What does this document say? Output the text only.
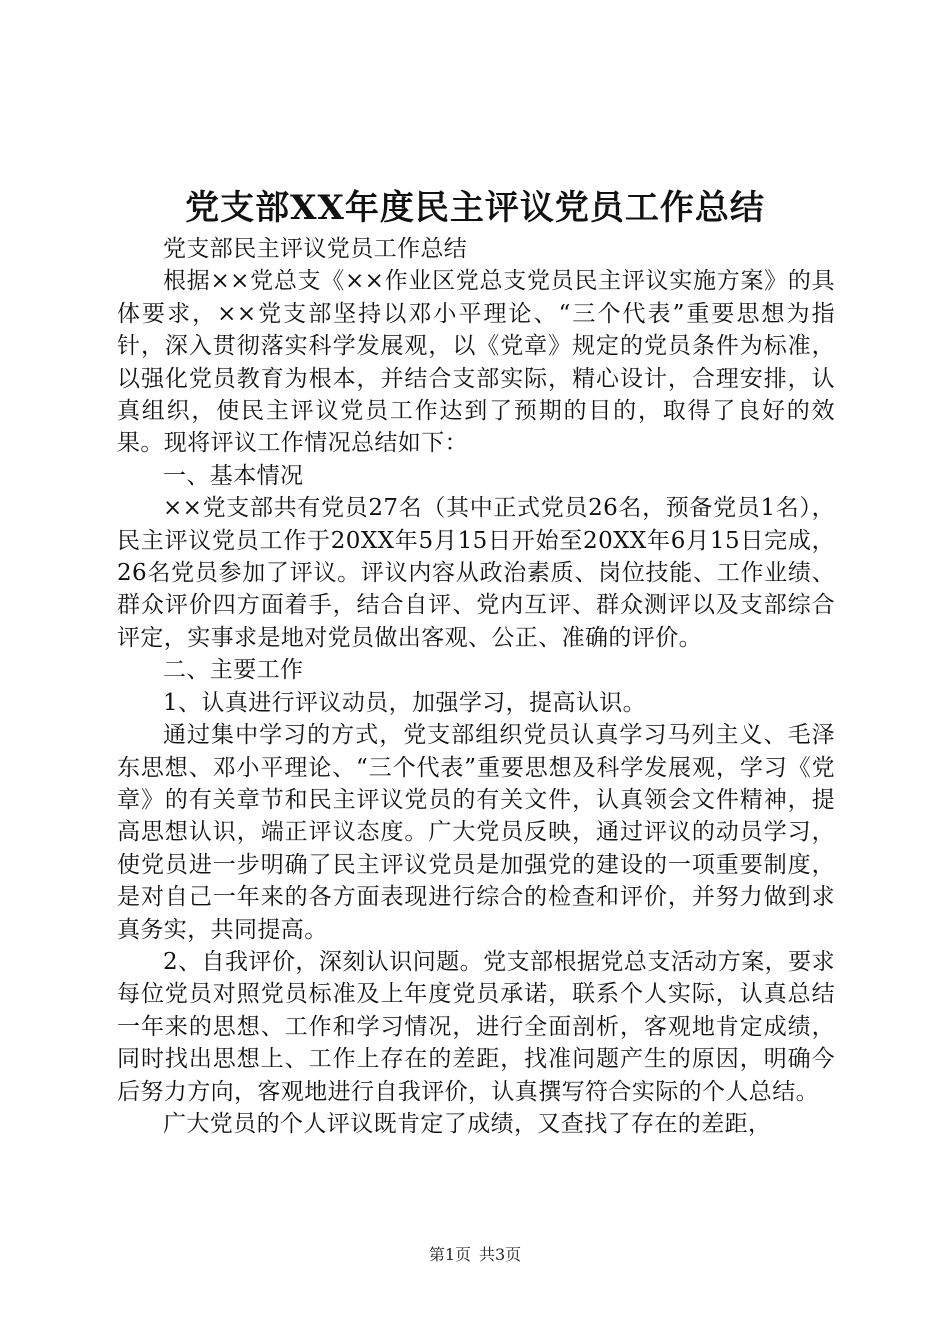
党支部XX年度民主评议党员工作总结

党支部民主评议党员工作总结

根据××党总支《××作业区党总支党员民主评议实施方案》的具体要求，××党支部坚持以邓小平理论、“三个代表”重要思想为指针，深入贯彻落实科学发展观，以《党章》规定的党员条件为标准，以强化党员教育为根本，并结合支部实际，精心设计，合理安排，认真组织，使民主评议党员工作达到了预期的目的，取得了良好的效果。现将评议工作情况总结如下：

一、基本情况

××党支部共有党员27名（其中正式党员26名，预备党员1名），民主评议党员工作于20XX年5月15日开始至20XX年6月15日完成，26名党员参加了评议。评议内容从政治素质、岗位技能、工作业绩、群众评价四方面着手，结合自评、党内互评、群众测评以及支部综合评定，实事求是地对党员做出客观、公正、准确的评价。

二、主要工作

1、认真进行评议动员，加强学习，提高认识。

通过集中学习的方式，党支部组织党员认真学习马列主义、毛泽东思想、邓小平理论、“三个代表”重要思想及科学发展观，学习《党章》的有关章节和民主评议党员的有关文件，认真领会文件精神，提高思想认识，端正评议态度。广大党员反映，通过评议的动员学习，使党员进一步明确了民主评议党员是加强党的建设的一项重要制度，是对自己一年来的各方面表现进行综合的检查和评价，并努力做到求真务实，共同提高。

2、自我评价，深刻认识问题。党支部根据党总支活动方案，要求每位党员对照党员标准及上年度党员承诺，联系个人实际，认真总结一年来的思想、工作和学习情况，进行全面剖析，客观地肯定成绩，同时找出思想上、工作上存在的差距，找准问题产生的原因，明确今后努力方向，客观地进行自我评价，认真撰写符合实际的个人总结。

广大党员的个人评议既肯定了成绩，又查找了存在的差距，

第1页 共3页
